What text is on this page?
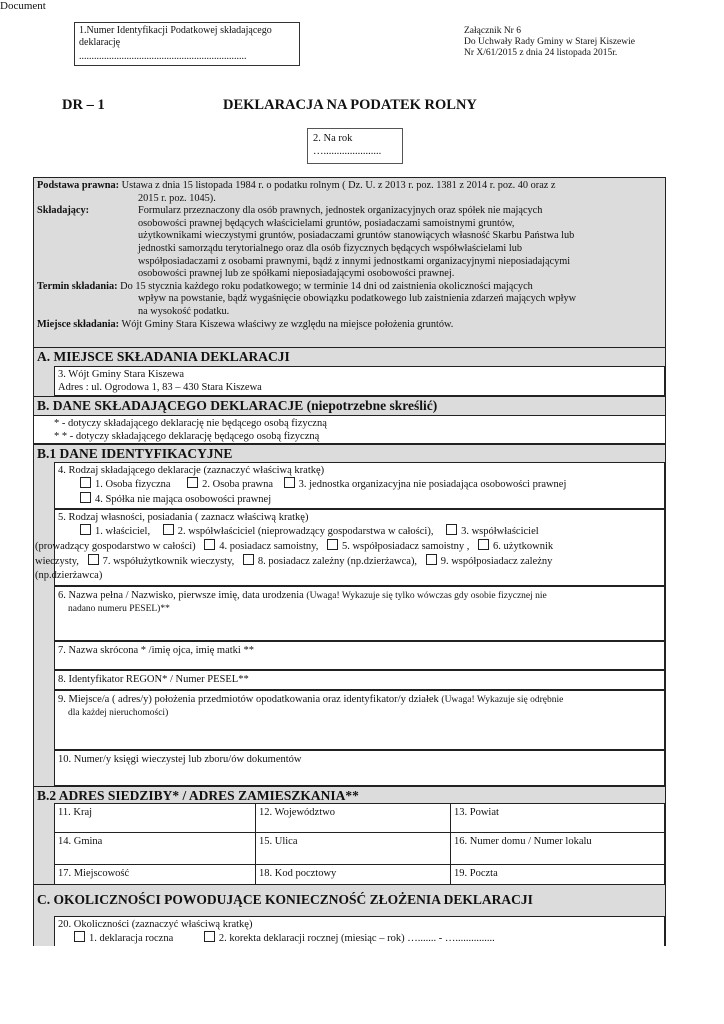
Document
1.Numer Identyfikacji Podatkowej składającego deklarację
...................................................................
Załącznik Nr 6
Do Uchwały Rady Gminy w Starej Kiszewie
Nr X/61/2015 z dnia 24 listopada 2015r.
DR – 1	DEKLARACJA NA PODATEK ROLNY
2. Na rok
…......................
Podstawa prawna: Ustawa z dnia 15 listopada 1984 r. o podatku rolnym ( Dz. U. z 2013 r. poz. 1381 z 2014 r. poz. 40 oraz z
2015 r. poz. 1045).
Składający:	Formularz przeznaczony dla osób prawnych, jednostek organizacyjnych oraz spółek nie mających
osobowości prawnej będących właścicielami gruntów, posiadaczami samoistnymi gruntów,
użytkownikami wieczystymi gruntów, posiadaczami gruntów stanowiących własność Skarbu Państwa lub
jednostki samorządu terytorialnego oraz dla osób fizycznych będących współwłaścielami lub
współposiadaczami z osobami prawnymi, bądź z innymi jednostkami organizacyjnymi nieposiadającymi
osobowości prawnej lub ze spółkami nieposiadającymi osobowości prawnej.
Termin składania: Do 15 stycznia każdego roku podatkowego; w terminie 14 dni od zaistnienia okoliczności mających
wpływ na powstanie, bądź wygaśnięcie obowiązku podatkowego lub zaistnienia zdarzeń mających wpływ
na wysokość podatku.
Miejsce składania: Wójt Gminy Stara Kiszewa właściwy ze względu na miejsce położenia gruntów.
A. MIEJSCE SKŁADANIA DEKLARACJI
3. Wójt Gminy Stara Kiszewa
Adres : ul. Ogrodowa 1, 83 – 430 Stara Kiszewa
B. DANE SKŁADAJĄCEGO DEKLARACJE (niepotrzebne skreślić)
* - dotyczy składającego deklarację nie będącego osobą fizyczną
* * - dotyczy składającego deklarację będącego osobą fizyczną
B.1 DANE IDENTYFIKACYJNE
4. Rodzaj składającego deklaracje (zaznaczyć właściwą kratkę)
1. Osoba fizyczna	2. Osoba prawna 3. jednostka organizacyjna nie posiadająca osobowości prawnej
4. Spółka nie mająca osobowości prawnej
5. Rodzaj własności, posiadania ( zaznacz właściwą kratkę)
1. właściciel,	2. współwłaściciel (nieprowadzący gospodarstwa w całości),	3. współwłaściciel
(prowadzący gospodarstwo w całości) 4. posiadacz samoistny, 5. współposiadacz samoistny , 6. użytkownik
wieczysty, 7. współużytkownik wieczysty, 8. posiadacz zależny (np.dzierżawca), 9. współposiadacz zależny
(np.dzierżawca)
6. Nazwa pełna / Nazwisko, pierwsze imię, data urodzenia (Uwaga! Wykazuje się tylko wówczas gdy osobie fizycznej nie
nadano numeru PESEL)**
7. Nazwa skrócona * /imię ojca, imię matki **
8. Identyfikator REGON* / Numer PESEL**
9. Miejsce/a ( adres/y) położenia przedmiotów opodatkowania oraz identyfikator/y działek (Uwaga! Wykazuje się odrębnie
dla każdej nieruchomości)
10. Numer/y księgi wieczystej lub zboru/ów dokumentów
B.2 ADRES SIEDZIBY* / ADRES ZAMIESZKANIA**
11. Kraj	12. Województwo	13. Powiat
14. Gmina	15. Ulica	16. Numer domu / Numer lokalu
17. Miejscowość	18. Kod pocztowy	19. Poczta
C. OKOLICZNOŚCI POWODUJĄCE KONIECZNOŚĆ ZŁOŻENIA DEKLARACJI
20. Okoliczności (zaznaczyć właściwą kratkę)
1. deklaracja roczna	2. korekta deklaracji rocznej (miesiąc – rok) …....... - …...............
